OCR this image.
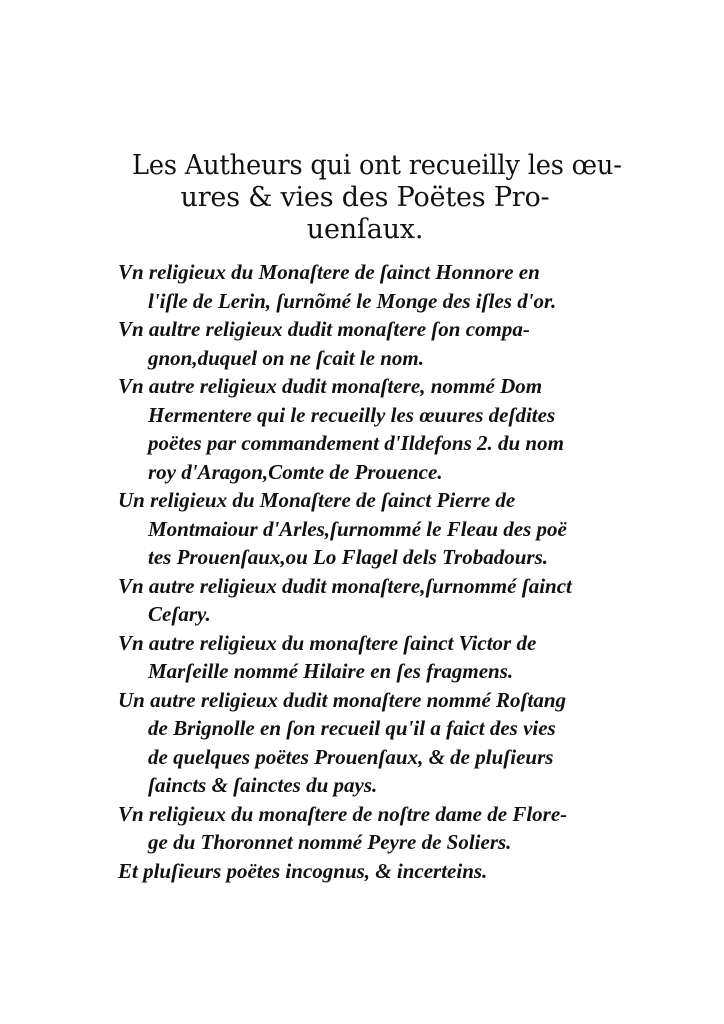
Les Autheurs qui ont recueilly les œu-
ures & vies des Poëtes Pro-
uenſaux.
Vn religieux du Monaſtere de ſainct Honnore en
l'iſle de Lerin, ſurnõmé le Monge des iſles d'or.
Vn aultre religieux dudit monaſtere ſon compa-
gnon,duquel on ne ſcait le nom.
Vn autre religieux dudit monaſtere, nommé Dom
Hermentere qui le recueilly les œuures deſdites
poëtes par commandement d'Ildefons 2. du nom
roy d'Aragon,Comte de Prouence.
Un religieux du Monaſtere de ſainct Pierre de
Montmaiour d'Arles,ſurnommé le Fleau des poë
tes Prouenſaux,ou Lo Flagel dels Trobadours.
Vn autre religieux dudit monaſtere,ſurnommé ſainct
Ceſary.
Vn autre religieux du monaſtere ſainct Victor de
Marſeille nommé Hilaire en ſes fragmens.
Un autre religieux dudit monaſtere nommé Roſtang
de Brignolle en ſon recueil qu'il a faict des vies
de quelques poëtes Prouenſaux, & de pluſieurs
ſaincts & ſainctes du pays.
Vn religieux du monaſtere de noſtre dame de Flore-
ge du Thoronnet nommé Peyre de Soliers.
Et pluſieurs poëtes incognus, & incerteins.
